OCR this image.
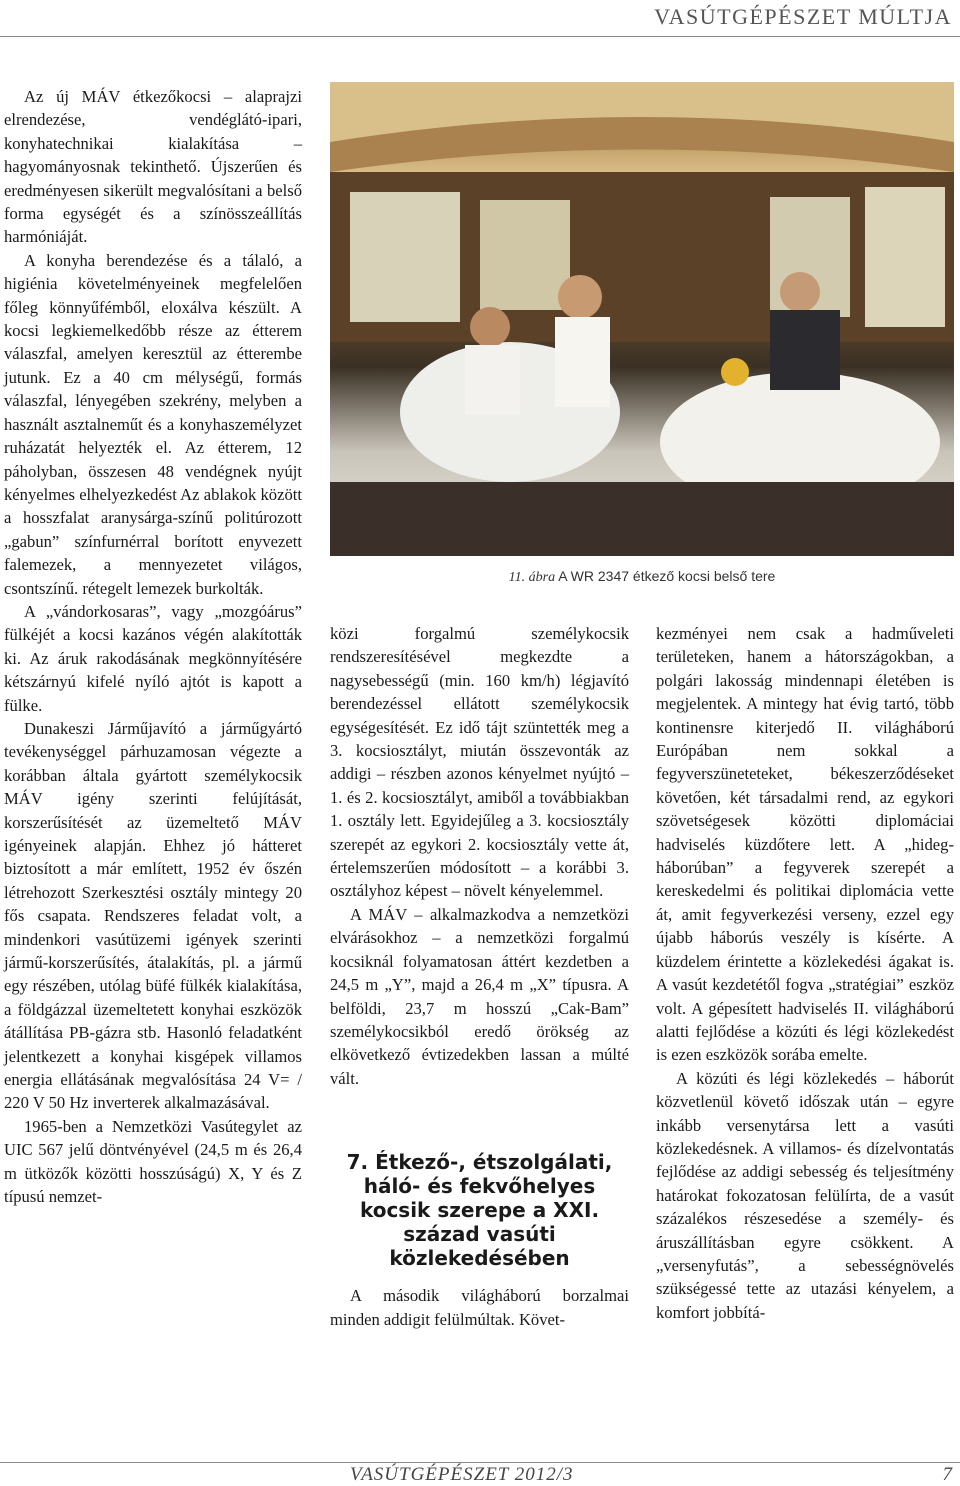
VASÚTGÉPÉSZET MÚLTJA

Az új MÁV étkezőkocsi – alaprajzi elrendezése, vendéglátó-ipari, konyhatechnikai kialakítása – hagyományosnak tekinthető. Újszerűen és eredményesen sikerült megvalósítani a belső forma egységét és a színösszeállítás harmóniáját.

A konyha berendezése és a tálaló, a higiénia követelményeinek megfelelően főleg könnyűfémből, eloxálva készült. A kocsi legkiemelkedőbb része az étterem válaszfal, amelyen keresztül az étterembe jutunk. Ez a 40 cm mélységű, formás válaszfal, lényegében szekrény, melyben a használt asztalneműt és a konyhaszemélyzet ruházatát helyezték el. Az étterem, 12 páholyban, összesen 48 vendégnek nyújt kényelmes elhelyezkedést Az ablakok között a hosszfalat aranysárga-színű politúrozott „gabun” színfurnérral borított enyvezett falemezek, a mennyezetet világos, csontszínű. rétegelt lemezek burkolták.

A „vándorkosaras”, vagy „mozgóárus” fülkéjét a kocsi kazános végén alakították ki. Az áruk rakodásának megkönnyítésére kétszárnyú kifelé nyíló ajtót is kapott a fülke.

Dunakeszi Járműjavító a járműgyártó tevékenységgel párhuzamosan végezte a korábban általa gyártott személykocsik MÁV igény szerinti felújítását, korszerűsítését az üzemeltető MÁV igényeinek alapján. Ehhez jó hátteret biztosított a már említett, 1952 év őszén létrehozott Szerkesztési osztály mintegy 20 fős csapata. Rendszeres feladat volt, a mindenkori vasútüzemi igények szerinti jármű-korszerűsítés, átalakítás, pl. a jármű egy részében, utólag büfé fülkék kialakítása, a földgázzal üzemeltetett konyhai eszközök átállítása PB-gázra stb. Hasonló feladatként jelentkezett a konyhai kisgépek villamos energia ellátásának megvalósítása 24 V= / 220 V 50 Hz inverterek alkalmazásával.

1965-ben a Nemzetközi Vasútegylet az UIC 567 jelű döntvényével (24,5 m és 26,4 m ütközők közötti hosszúságú) X, Y és Z típusú nemzet-

11. ábra A WR 2347 étkező kocsi belső tere

közi forgalmú személykocsik rendszeresítésével megkezdte a nagysebességű (min. 160 km/h) légjavító berendezéssel ellátott személykocsik egységesítését. Ez idő tájt szüntették meg a 3. kocsiosztályt, miután összevonták az addigi – részben azonos kényelmet nyújtó – 1. és 2. kocsiosztályt, amiből a továbbiakban 1. osztály lett. Egyidejűleg a 3. kocsiosztály szerepét az egykori 2. kocsiosztály vette át, értelemszerűen módosított – a korábbi 3. osztályhoz képest – növelt kényelemmel.

A MÁV – alkalmazkodva a nemzetközi elvárásokhoz – a nemzetközi forgalmú kocsiknál folyamatosan áttért kezdetben a 24,5 m „Y”, majd a 26,4 m „X” típusra. A belföldi, 23,7 m hosszú „Cak-Bam” személykocsikból eredő örökség az elkövetkező évtizedekben lassan a múlté vált.

7. Étkező-, étszolgálati, háló- és fekvőhelyes kocsik szerepe a XXI. század vasúti közlekedésében

A második világháború borzalmai minden addigit felülmúltak. Követ-

kezményei nem csak a hadműveleti területeken, hanem a hátországokban, a polgári lakosság mindennapi életében is megjelentek. A mintegy hat évig tartó, több kontinensre kiterjedő II. világháború Európában nem sokkal a fegyverszüneteteket, békeszerződéseket követően, két társadalmi rend, az egykori szövetségesek közötti diplomáciai hadviselés küzdőtere lett. A „hideg-háborúban” a fegyverek szerepét a kereskedelmi és politikai diplomácia vette át, amit fegyverkezési verseny, ezzel egy újabb háborús veszély is kísérte. A küzdelem érintette a közlekedési ágakat is. A vasút kezdetétől fogva „stratégiai” eszköz volt. A gépesített hadviselés II. világháború alatti fejlődése a közúti és légi közlekedést is ezen eszközök sorába emelte.

A közúti és légi közlekedés – háborút közvetlenül követő időszak után – egyre inkább versenytársa lett a vasúti közlekedésnek. A villamos- és dízelvontatás fejlődése az addigi sebesség és teljesítmény határokat fokozatosan felülírta, de a vasút százalékos részesedése a személy- és áruszállításban egyre csökkent. A „versenyfutás”, a sebességnövelés szükségessé tette az utazási kényelem, a komfort jobbítá-

VASÚTGÉPÉSZET 2012/3	7
